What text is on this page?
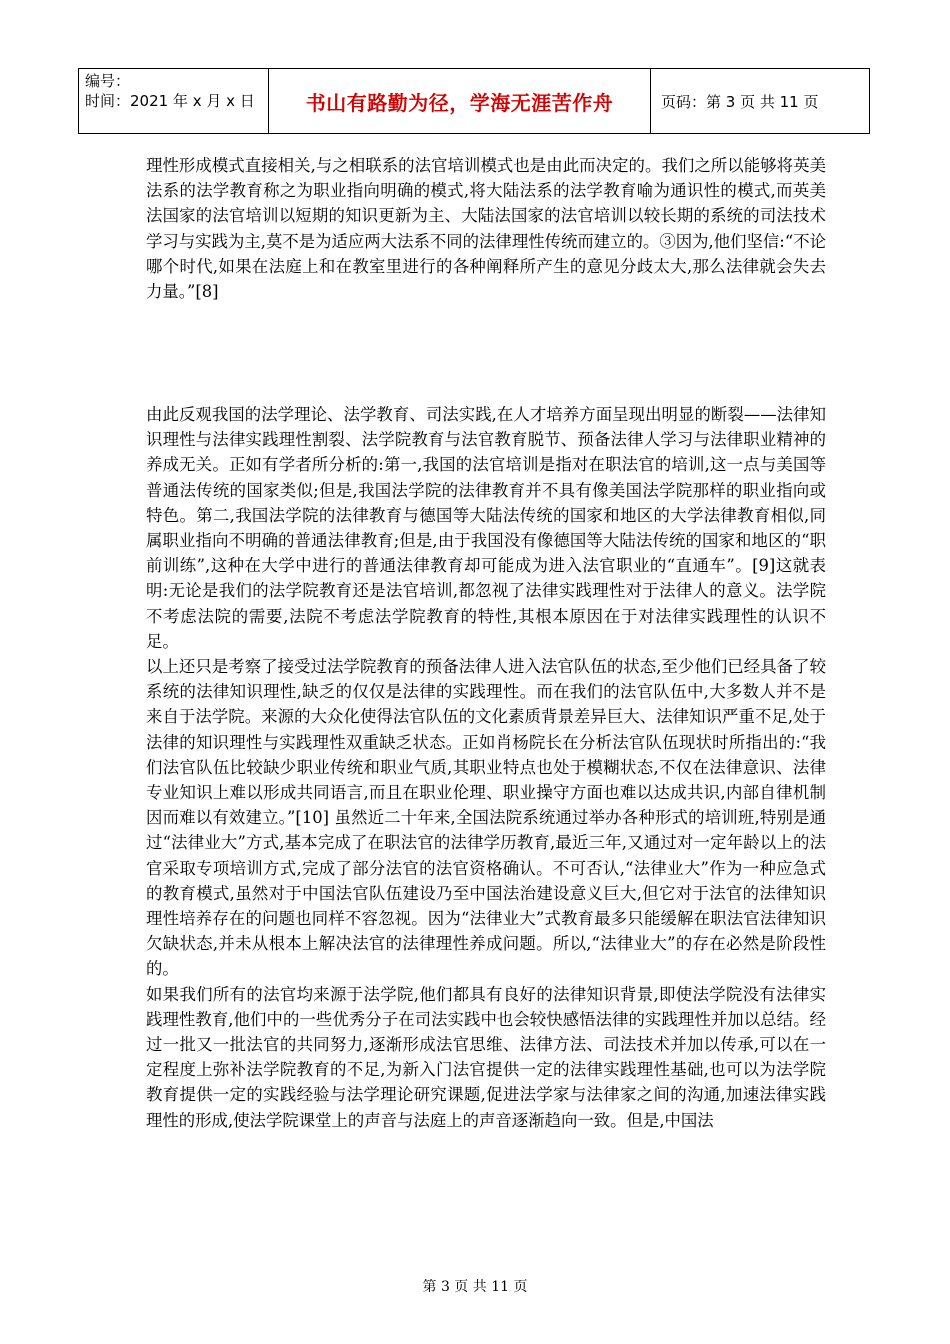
编号：
时间：2021 年 x 月 x 日	书山有路勤为径，学海无涯苦作舟	页码：第 3 页 共 11 页

理性形成模式直接相关,与之相联系的法官培训模式也是由此而决定的。我们之所以能够将英美法系的法学教育称之为职业指向明确的模式,将大陆法系的法学教育喻为通识性的模式,而英美法国家的法官培训以短期的知识更新为主、大陆法国家的法官培训以较长期的系统的司法技术学习与实践为主,莫不是为适应两大法系不同的法律理性传统而建立的。③因为,他们坚信:“不论哪个时代,如果在法庭上和在教室里进行的各种阐释所产生的意见分歧太大,那么法律就会失去力量。”[8]

由此反观我国的法学理论、法学教育、司法实践,在人才培养方面呈现出明显的断裂——法律知识理性与法律实践理性割裂、法学院教育与法官教育脱节、预备法律人学习与法律职业精神的养成无关。正如有学者所分析的:第一,我国的法官培训是指对在职法官的培训,这一点与美国等普通法传统的国家类似;但是,我国法学院的法律教育并不具有像美国法学院那样的职业指向或特色。第二,我国法学院的法律教育与德国等大陆法传统的国家和地区的大学法律教育相似,同属职业指向不明确的普通法律教育;但是,由于我国没有像德国等大陆法传统的国家和地区的“职前训练”,这种在大学中进行的普通法律教育却可能成为进入法官职业的“直通车”。[9]这就表明:无论是我们的法学院教育还是法官培训,都忽视了法律实践理性对于法律人的意义。法学院不考虑法院的需要,法院不考虑法学院教育的特性,其根本原因在于对法律实践理性的认识不足。

以上还只是考察了接受过法学院教育的预备法律人进入法官队伍的状态,至少他们已经具备了较系统的法律知识理性,缺乏的仅仅是法律的实践理性。而在我们的法官队伍中,大多数人并不是来自于法学院。来源的大众化使得法官队伍的文化素质背景差异巨大、法律知识严重不足,处于法律的知识理性与实践理性双重缺乏状态。正如肖杨院长在分析法官队伍现状时所指出的:“我们法官队伍比较缺少职业传统和职业气质,其职业特点也处于模糊状态,不仅在法律意识、法律专业知识上难以形成共同语言,而且在职业伦理、职业操守方面也难以达成共识,内部自律机制因而难以有效建立。”[10] 虽然近二十年来,全国法院系统通过举办各种形式的培训班,特别是通过“法律业大”方式,基本完成了在职法官的法律学历教育,最近三年,又通过对一定年龄以上的法官采取专项培训方式,完成了部分法官的法官资格确认。不可否认,“法律业大”作为一种应急式的教育模式,虽然对于中国法官队伍建设乃至中国法治建设意义巨大,但它对于法官的法律知识理性培养存在的问题也同样不容忽视。因为“法律业大”式教育最多只能缓解在职法官法律知识欠缺状态,并未从根本上解决法官的法律理性养成问题。所以,“法律业大”的存在必然是阶段性的。

如果我们所有的法官均来源于法学院,他们都具有良好的法律知识背景,即使法学院没有法律实践理性教育,他们中的一些优秀分子在司法实践中也会较快感悟法律的实践理性并加以总结。经过一批又一批法官的共同努力,逐渐形成法官思维、法律方法、司法技术并加以传承,可以在一定程度上弥补法学院教育的不足,为新入门法官提供一定的法律实践理性基础,也可以为法学院教育提供一定的实践经验与法学理论研究课题,促进法学家与法律家之间的沟通,加速法律实践理性的形成,使法学院课堂上的声音与法庭上的声音逐渐趋向一致。但是,中国法

第 3 页 共 11 页
